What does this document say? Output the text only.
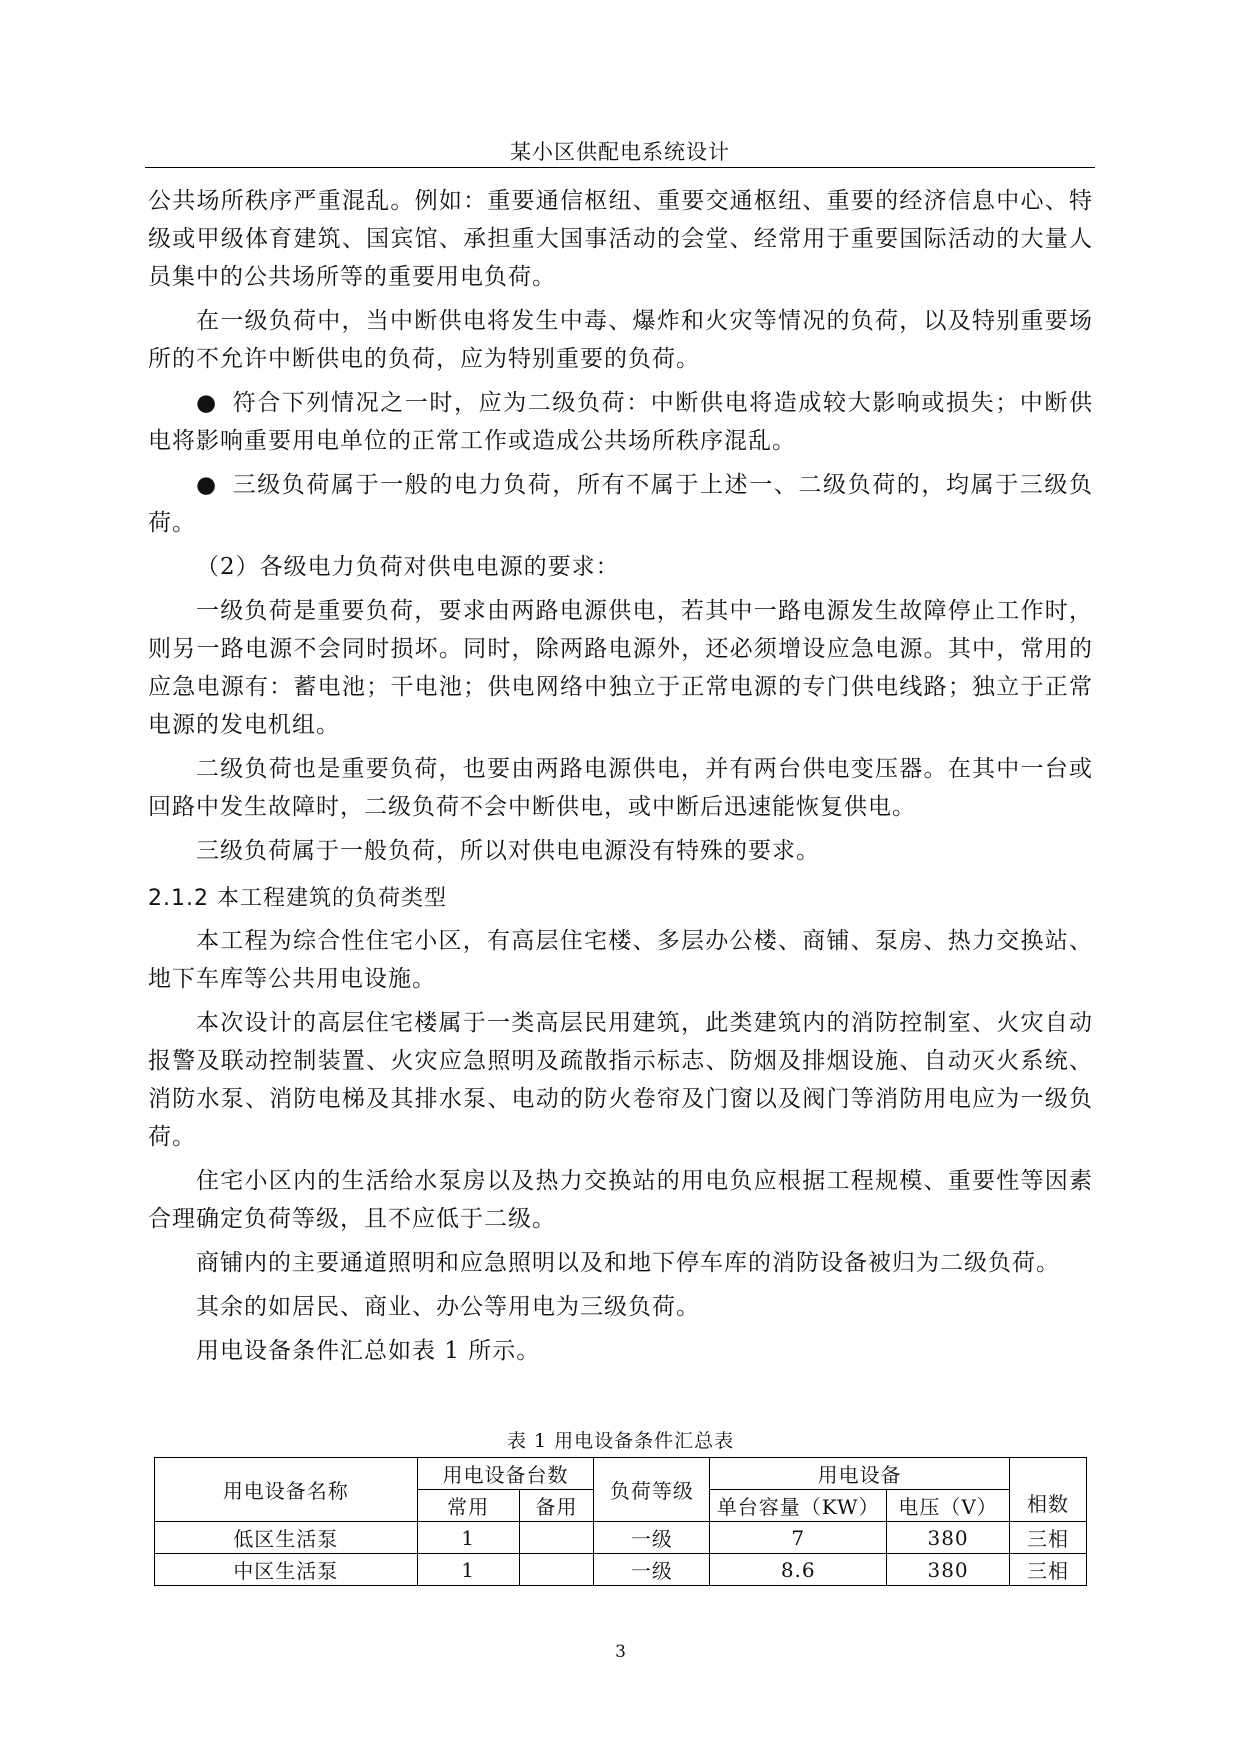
某小区供配电系统设计

公共场所秩序严重混乱。例如：重要通信枢纽、重要交通枢纽、重要的经济信息中心、特级或甲级体育建筑、国宾馆、承担重大国事活动的会堂、经常用于重要国际活动的大量人员集中的公共场所等的重要用电负荷。

在一级负荷中，当中断供电将发生中毒、爆炸和火灾等情况的负荷，以及特别重要场所的不允许中断供电的负荷，应为特别重要的负荷。

● 符合下列情况之一时，应为二级负荷：中断供电将造成较大影响或损失；中断供电将影响重要用电单位的正常工作或造成公共场所秩序混乱。

● 三级负荷属于一般的电力负荷，所有不属于上述一、二级负荷的，均属于三级负荷。

（2）各级电力负荷对供电电源的要求：

一级负荷是重要负荷，要求由两路电源供电，若其中一路电源发生故障停止工作时，则另一路电源不会同时损坏。同时，除两路电源外，还必须增设应急电源。其中，常用的应急电源有：蓄电池；干电池；供电网络中独立于正常电源的专门供电线路；独立于正常电源的发电机组。

二级负荷也是重要负荷，也要由两路电源供电，并有两台供电变压器。在其中一台或回路中发生故障时，二级负荷不会中断供电，或中断后迅速能恢复供电。

三级负荷属于一般负荷，所以对供电电源没有特殊的要求。

2.1.2 本工程建筑的负荷类型

本工程为综合性住宅小区，有高层住宅楼、多层办公楼、商铺、泵房、热力交换站、地下车库等公共用电设施。

本次设计的高层住宅楼属于一类高层民用建筑，此类建筑内的消防控制室、火灾自动报警及联动控制装置、火灾应急照明及疏散指示标志、防烟及排烟设施、自动灭火系统、消防水泵、消防电梯及其排水泵、电动的防火卷帘及门窗以及阀门等消防用电应为一级负荷。

住宅小区内的生活给水泵房以及热力交换站的用电负应根据工程规模、重要性等因素合理确定负荷等级，且不应低于二级。

商铺内的主要通道照明和应急照明以及和地下停车库的消防设备被归为二级负荷。

其余的如居民、商业、办公等用电为三级负荷。

用电设备条件汇总如表 1 所示。

表 1 用电设备条件汇总表
用电设备名称	用电设备台数		负荷等级	用电设备		相数
	常用	备用		单台容量（KW）	电压（V）	
低区生活泵	1		一级	7	380	三相
中区生活泵	1		一级	8.6	380	三相
3
